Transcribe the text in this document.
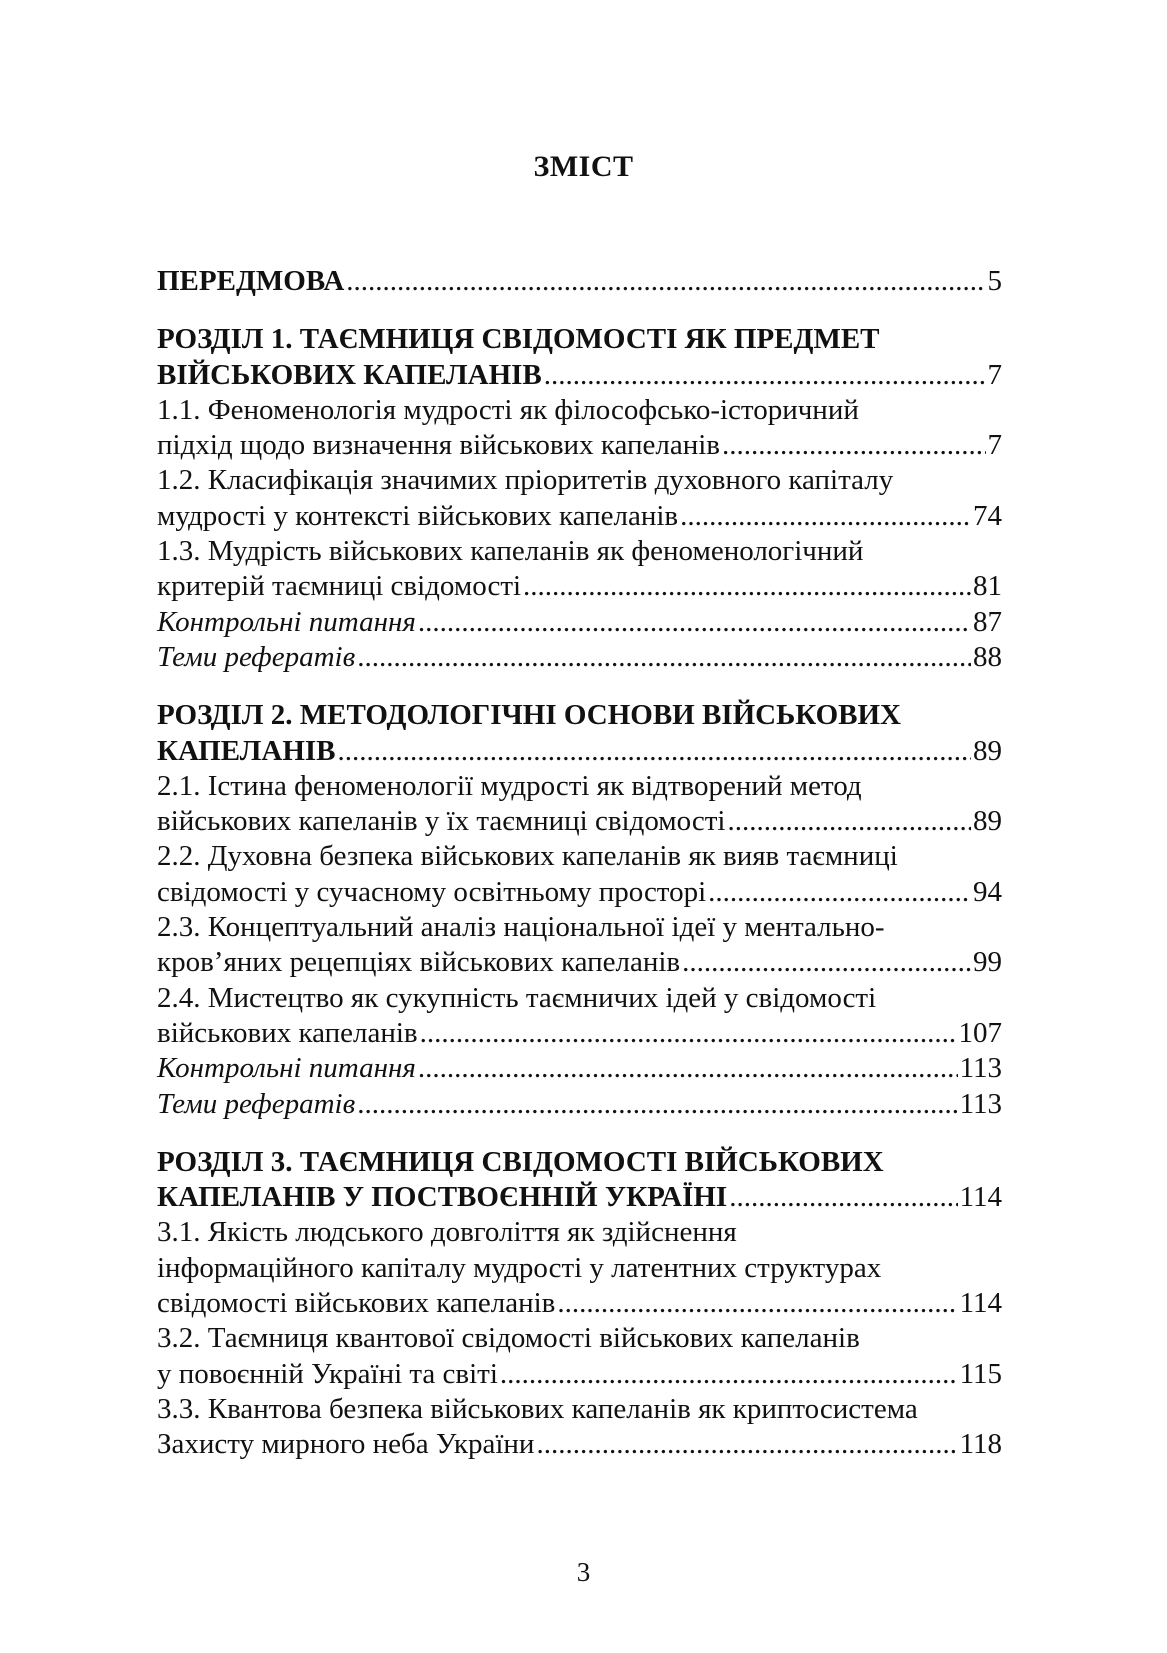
ЗМІСТ
ПЕРЕДМОВА .....	5
РОЗДІЛ 1. ТАЄМНИЦЯ СВІДОМОСТІ ЯК ПРЕДМЕТ
ВІЙСЬКОВИХ КАПЕЛАНІВ .....	7
1.1. Феноменологія мудрості як філософсько-історичний
підхід щодо визначення військових капеланів .....	7
1.2. Класифікація значимих пріоритетів духовного капіталу
мудрості у контексті військових капеланів .....	74
1.3. Мудрість військових капеланів як феноменологічний
критерій таємниці свідомості .....	81
Контрольні питання .....	87
Теми рефератів .....	88
РОЗДІЛ 2. МЕТОДОЛОГІЧНІ ОСНОВИ ВІЙСЬКОВИХ
КАПЕЛАНІВ .....	89
2.1. Істина феноменології мудрості як відтворений метод
військових капеланів у їх таємниці свідомості .....	89
2.2. Духовна безпека військових капеланів як вияв таємниці
свідомості у сучасному освітньому просторі .....	94
2.3. Концептуальний аналіз національної ідеї у ментально-
кров’яних рецепціях військових капеланів .....	99
2.4. Мистецтво як сукупність таємничих ідей у свідомості
військових капеланів .....	107
Контрольні питання .....	113
Теми рефератів .....	113
РОЗДІЛ 3. ТАЄМНИЦЯ СВІДОМОСТІ ВІЙСЬКОВИХ
КАПЕЛАНІВ У ПОСТВОЄННІЙ УКРАЇНІ .....	114
3.1. Якість людського довголіття як здійснення
інформаційного капіталу мудрості у латентних структурах
свідомості військових капеланів .....	114
3.2. Таємниця квантової свідомості військових капеланів
у повоєнній Україні та світі .....	115
3.3. Квантова безпека військових капеланів як криптосистема
Захисту мирного неба України .....	118
3
